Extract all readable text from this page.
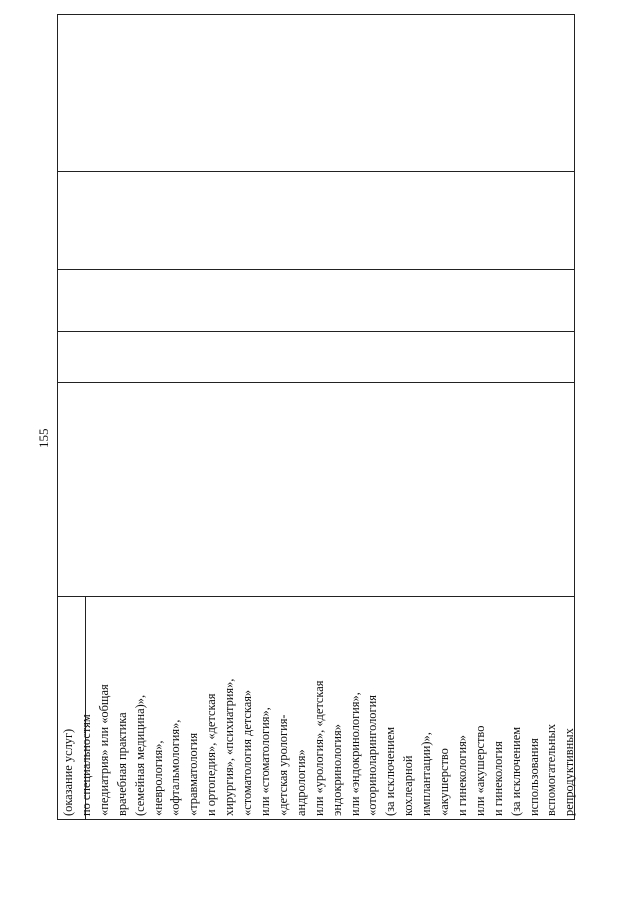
155
(оказание услуг) по специальностям «педиатрия» или «общая врачебная практика (семейная медицина)», «неврология», «офтальмология», «травматология и ортопедия», «детская хирургия», «психиатрия», «стоматология детская» или «стоматология», «детская урология- андрология» или «урология», «детская эндокринология» или «эндокринология», «оториноларингология (за исключением кохлеарной имплантации)», «акушерство и гинекология» или «акушерство и гинекология (за исключением использования вспомогательных репродуктивных
